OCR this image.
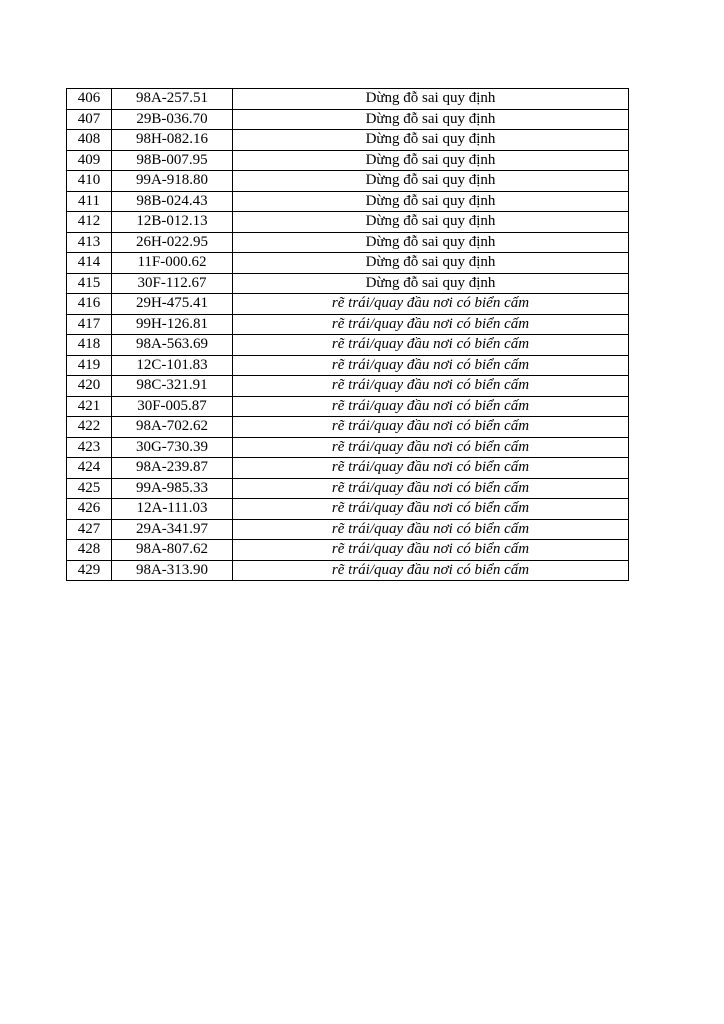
406	98A-257.51	Dừng đỗ sai quy định
407	29B-036.70	Dừng đỗ sai quy định
408	98H-082.16	Dừng đỗ sai quy định
409	98B-007.95	Dừng đỗ sai quy định
410	99A-918.80	Dừng đỗ sai quy định
411	98B-024.43	Dừng đỗ sai quy định
412	12B-012.13	Dừng đỗ sai quy định
413	26H-022.95	Dừng đỗ sai quy định
414	11F-000.62	Dừng đỗ sai quy định
415	30F-112.67	Dừng đỗ sai quy định
416	29H-475.41	rẽ trái/quay đầu nơi có biển cấm
417	99H-126.81	rẽ trái/quay đầu nơi có biển cấm
418	98A-563.69	rẽ trái/quay đầu nơi có biển cấm
419	12C-101.83	rẽ trái/quay đầu nơi có biển cấm
420	98C-321.91	rẽ trái/quay đầu nơi có biển cấm
421	30F-005.87	rẽ trái/quay đầu nơi có biển cấm
422	98A-702.62	rẽ trái/quay đầu nơi có biển cấm
423	30G-730.39	rẽ trái/quay đầu nơi có biển cấm
424	98A-239.87	rẽ trái/quay đầu nơi có biển cấm
425	99A-985.33	rẽ trái/quay đầu nơi có biển cấm
426	12A-111.03	rẽ trái/quay đầu nơi có biển cấm
427	29A-341.97	rẽ trái/quay đầu nơi có biển cấm
428	98A-807.62	rẽ trái/quay đầu nơi có biển cấm
429	98A-313.90	rẽ trái/quay đầu nơi có biển cấm
